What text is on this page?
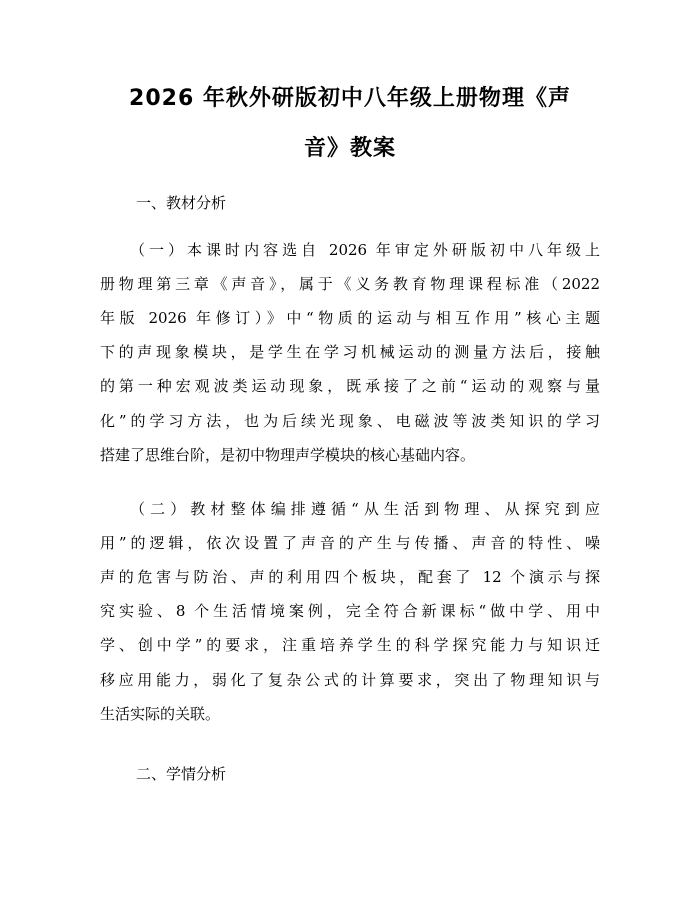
2026 年秋外研版初中八年级上册物理《声
音》教案
一、教材分析
（一）本课时内容选自 2026 年审定外研版初中八年级上
册物理第三章《声音》，属于《义务教育物理课程标准（2022
年版 2026 年修订）》中“物质的运动与相互作用”核心主题
下的声现象模块，是学生在学习机械运动的测量方法后，接触
的第一种宏观波类运动现象，既承接了之前“运动的观察与量
化”的学习方法，也为后续光现象、电磁波等波类知识的学习
搭建了思维台阶，是初中物理声学模块的核心基础内容。
（二）教材整体编排遵循“从生活到物理、从探究到应
用”的逻辑，依次设置了声音的产生与传播、声音的特性、噪
声的危害与防治、声的利用四个板块，配套了 12 个演示与探
究实验、8 个生活情境案例，完全符合新课标“做中学、用中
学、创中学”的要求，注重培养学生的科学探究能力与知识迁
移应用能力，弱化了复杂公式的计算要求，突出了物理知识与
生活实际的关联。
二、学情分析
